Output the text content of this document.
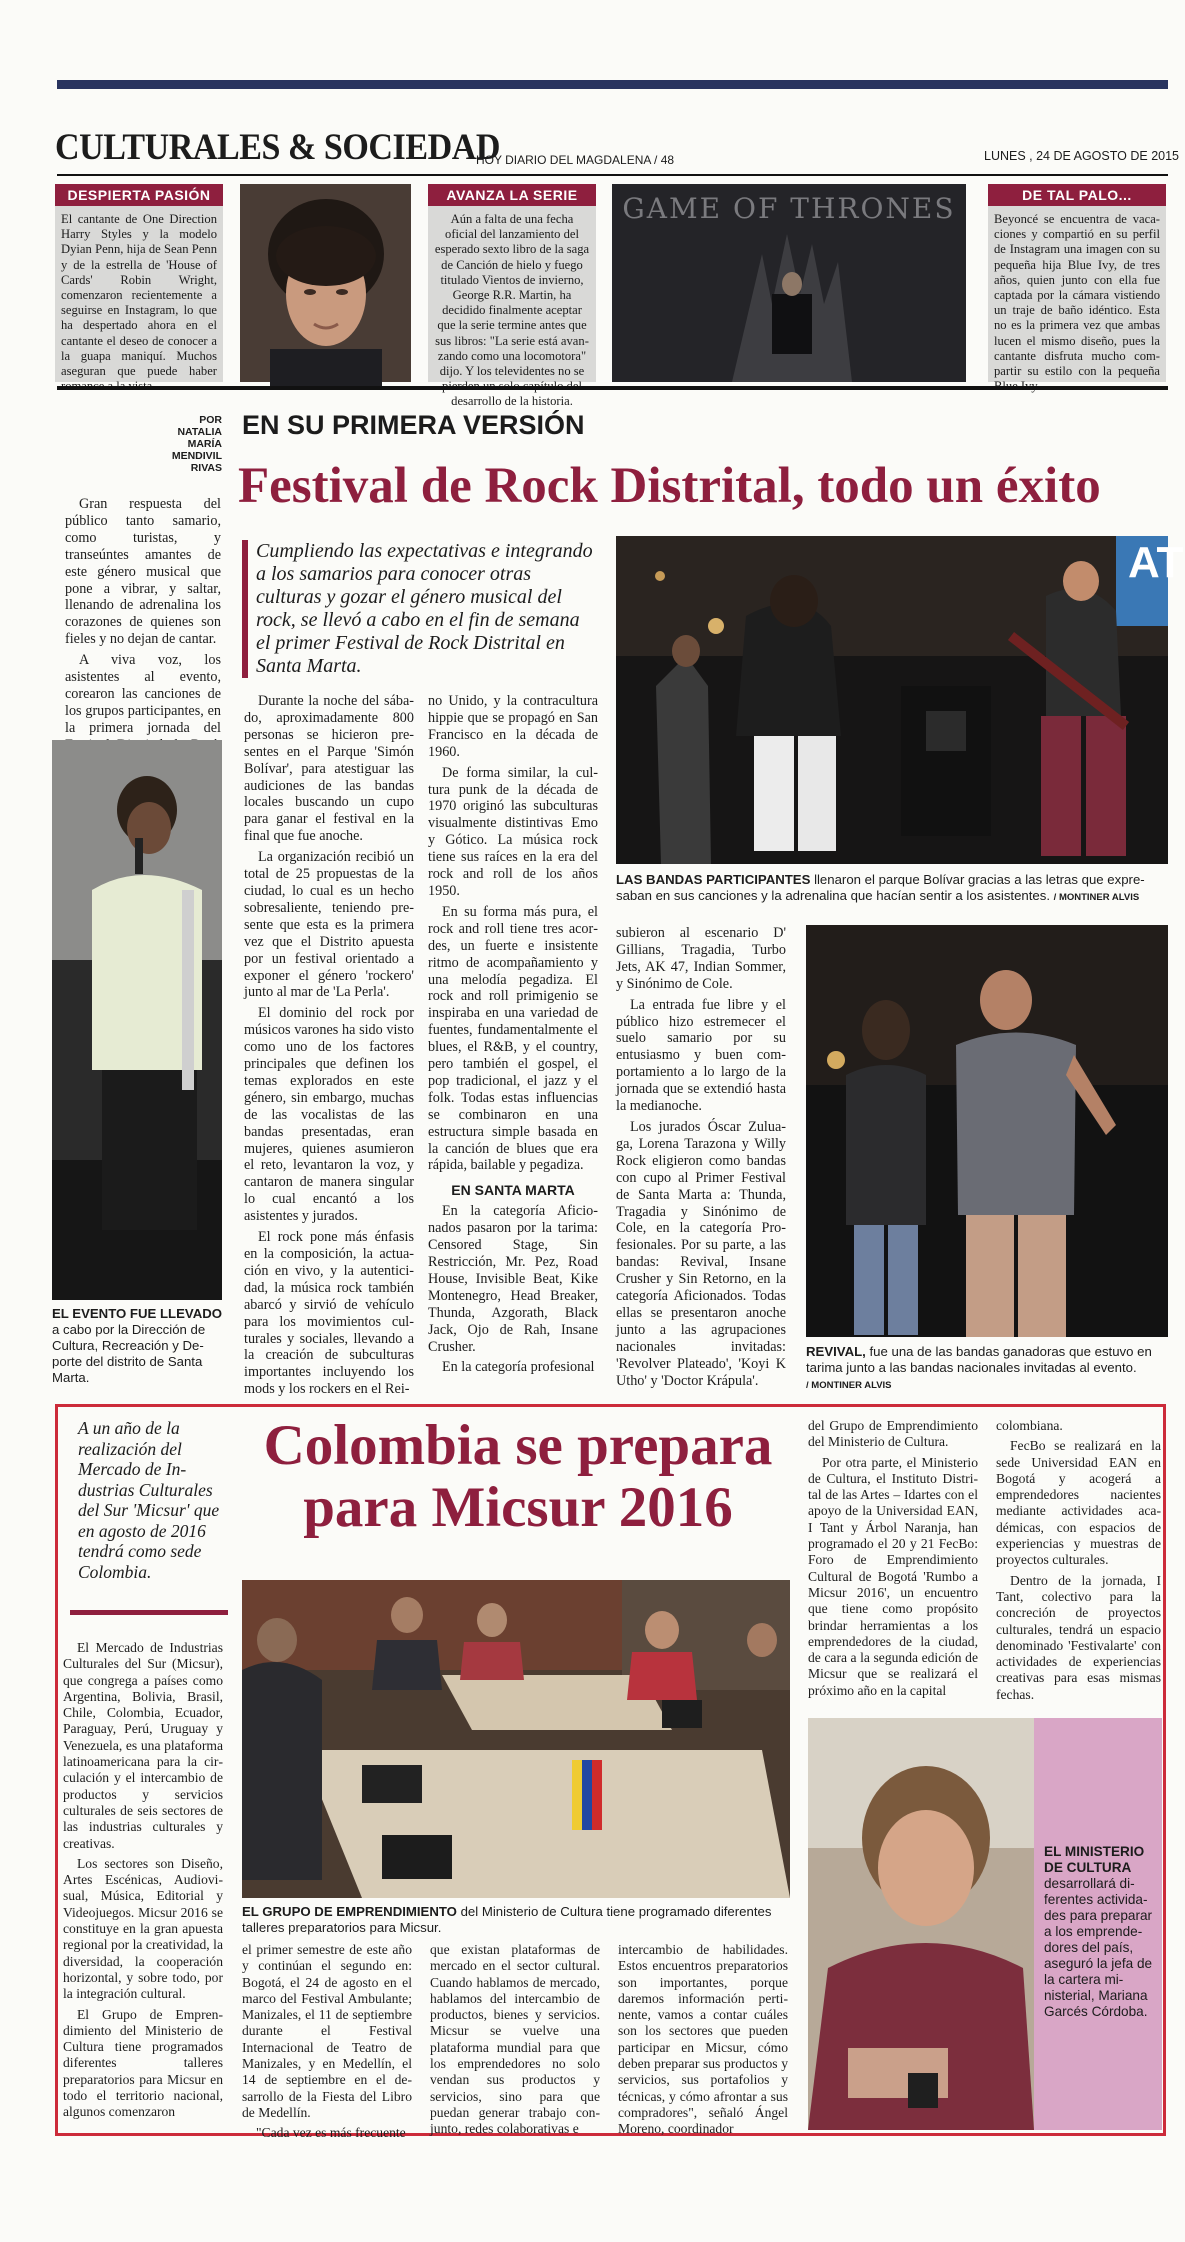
CULTURALES & SOCIEDAD
HOY DIARIO DEL MAGDALENA / 48	LUNES , 24 DE AGOSTO DE 2015
DESPIERTA PASIÓN
El cantante de One Direction Harry Styles y la modelo Dyian Penn, hija de Sean Penn y de la estrella de 'House of Cards' Robin Wright, comenzaron recientemente a seguirse en Instagram, lo que ha despertado ahora en el cantante el deseo de conocer a la guapa maniquí. Muchos aseguran que puede haber
AVANZA LA SERIE
Aún a falta de una fecha oficial del lanzamiento del esperado sexto libro de la saga de Canción de hielo y fuego titulado Vientos de invierno, George R.R. Martin, ha decidido finalmente aceptar que la serie termine antes que sus libros: "La serie está avanzando como una locomotora" dijo. Y los televidentes no se desarrollo de la historia.
GAME OF THRONES	DE TAL PALO...
Beyoncé se encuentra de vacaciones y compartió en su perfil de Instagram una imagen con su pequeña hija Blue Ivy, de tres años, quien junto con ella fue captada por la cámara vistiendo un traje de baño idéntico. Esta no es la primera vez que ambas lucen el mismo diseño, pues la cantante disfruta mucho compartir su estilo con la pequeña
POR
NATALIA
MARÍA
MENDIVIL
RIVAS
EN SU PRIMERA VERSIÓN
Festival de Rock Distrital, todo un éxito

Gran respuesta del público tanto samario, como turistas, y transeúntes amantes de este género musical que pone a vibrar, y saltar, llenando de adrenalina los corazones de quienes son fieles y no dejan de cantar.

A viva voz, los asistentes al evento, corearon las canciones de los grupos participantes, en la primera jornada del

EL EVENTO FUE LLEVADO a cabo por la Dirección de Cultura, Recreación y Deporte del distrito de Santa Marta.
Cumpliendo las expectativas e integrando a los samarios para conocer otras culturas y gozar el género musical del rock, se llevó a cabo en el fin de semana el primer Festival de Rock Distrital en Santa Marta.

Durante la noche del sábado, aproximadamente 800 personas se hicieron presentes en el Parque 'Simón Bolívar', para atestiguar las audiciones de las bandas locales buscando un cupo para ganar el festival en la final que fue anoche.

La organización recibió un total de 25 propuestas de la ciudad, lo cual es un hecho sobresaliente, teniendo presente que esta es la primera vez que el Distrito apuesta por un festival orientado a exponer el género 'rockero' junto al mar de 'La Perla'.

El dominio del rock por músicos varones ha sido visto como uno de los factores principales que definen los temas explorados en este género, sin embargo, muchas de las vocalistas de las bandas presentadas, eran mujeres, quienes asumieron el reto, levantaron la voz, y cantaron de manera singular lo cual encantó a los asistentes y jurados.

El rock pone más énfasis en la composición, la actuación en vivo, y la autenticidad, la música rock también abarcó y sirvió de vehículo para los movimientos culturales y sociales, llevando a la creación de subculturas importantes incluyendo los mods y los rockers en el Rei-

no Unido, y la contracultura hippie que se propagó en San Francisco en la década de 1960.

De forma similar, la cultura punk de la década de 1970 originó las subculturas visualmente distintivas Emo y Gótico. La música rock tiene sus raíces en la era del rock and roll de los años 1950.

En su forma más pura, el rock and roll tiene tres acordes, un fuerte e insistente ritmo de acompañamiento y una melodía pegadiza. El rock and roll primigenio se inspiraba en una variedad de fuentes, fundamentalmente el blues, el R&B, y el country, pero también el gospel, el pop tradicional, el jazz y el folk. Todas estas influencias se combinaron en una estructura simple basada en la canción de blues que era rápida, bailable y pegadiza.

EN SANTA MARTA

En la categoría Aficionados pasaron por la tarima: Censored Stage, Sin Restricción, Mr. Pez, Road House, Invisible Beat, Kike Montenegro, Head Breaker, Thunda, Azgorath, Black Jack, Ojo de Rah, Insane Crusher.

En la categoría profesional

AT
LAS BANDAS PARTICIPANTES llenaron el parque Bolívar gracias a las letras que expresaban en sus canciones y la adrenalina que hacían sentir a los asistentes. / MONTINER ALVIS

subieron al escenario D' Gillians, Tragadia, Turbo Jets, AK 47, Indian Sommer, y Sinónimo de Cole.

La entrada fue libre y el público hizo estremecer el suelo samario por su entusiasmo y buen comportamiento a lo largo de la jornada que se extendió hasta la medianoche.

Los jurados Óscar Zuluaga, Lorena Tarazona y Willy Rock eligieron como bandas con cupo al Primer Festival de Santa Marta a: Thunda, Tragadia y Sinónimo de Cole, en la categoría Profesionales. Por su parte, a las bandas: Revival, Insane Crusher y Sin Retorno, en la categoría Aficionados. Todas ellas se presentaron anoche junto a las agrupaciones nacionales invitadas: 'Revolver Plateado', 'Koyi K Utho' y 'Doctor Krápula'.

REVIVAL, fue una de las bandas ganadoras que estuvo en tarima junto a las bandas nacionales invitadas al evento.
/ MONTINER ALVIS
A un año de la realización del Mercado de Industrias Culturales del Sur 'Micsur' que en agosto de 2016 tendrá como sede Colombia.
Colombia se prepara
para Micsur 2016

El Mercado de Industrias Culturales del Sur (Micsur), que congrega a países como Argentina, Bolivia, Brasil, Chile, Colombia, Ecuador, Paraguay, Perú, Uruguay y Venezuela, es una plataforma latinoamericana para la circulación y el intercambio de productos y servicios culturales de seis sectores de las industrias culturales y creativas.

Los sectores son Diseño, Artes Escénicas, Audiovisual, Música, Editorial y Videojuegos. Micsur 2016 se constituye en la gran apuesta regional por la creatividad, la diversidad, la cooperación horizontal, y sobre todo, por la integración cultural.

El Grupo de Emprendimiento del Ministerio de Cultura tiene programados diferentes talleres preparatorios para Micsur en todo el territorio nacional, algunos comenzaron

EL GRUPO DE EMPRENDIMIENTO del Ministerio de Cultura tiene programado diferentes talleres preparatorios para Micsur.

el primer semestre de este año y continúan el segundo en: Bogotá, el 24 de agosto en el marco del Festival Ambulante; Manizales, el 11 de septiembre durante el Festival Internacional de Teatro de Manizales, y en Medellín, el 14 de septiembre en el desarrollo de la Fiesta del Libro de Medellín.

"Cada vez es más frecuente

que existan plataformas de mercado en el sector cultural. Cuando hablamos de mercado, hablamos del intercambio de productos, bienes y servicios. Micsur se vuelve una plataforma mundial para que los emprendedores no solo vendan sus productos y servicios, sino para que puedan generar trabajo conjunto, redes colaborativas e

intercambio de habilidades. Estos encuentros preparatorios son importantes, porque daremos información pertinente, vamos a contar cuáles son los sectores que pueden participar en Micsur, cómo deben preparar sus productos y servicios, sus portafolios y técnicas, y cómo afrontar a sus compradores", señaló Ángel Moreno, coordinador

del Grupo de Emprendimiento del Ministerio de Cultura.

Por otra parte, el Ministerio de Cultura, el Instituto Distrital de las Artes – Idartes con el apoyo de la Universidad EAN, I Tant y Árbol Naranja, han programado el 20 y 21 FecBo: Foro de Emprendimiento Cultural de Bogotá 'Rumbo a Micsur 2016', un encuentro que tiene como propósito brindar herramientas a los emprendedores de la ciudad, de cara a la segunda edición de Micsur que se realizará el próximo año en la capital

colombiana.

FecBo se realizará en la sede Universidad EAN en Bogotá y acogerá a emprendedores nacientes mediante actividades académicas, con espacios de experiencias y muestras de proyectos culturales.

Dentro de la jornada, I Tant, colectivo para la concreción de proyectos culturales, tendrá un espacio denominado 'Festivalarte' con actividades de experiencias creativas para esas mismas fechas.

EL MINISTERIO DE CULTURA desarrollará diferentes actividades para preparar a los emprendedores del país, aseguró la jefa de la cartera ministerial, Mariana Garcés Córdoba.
